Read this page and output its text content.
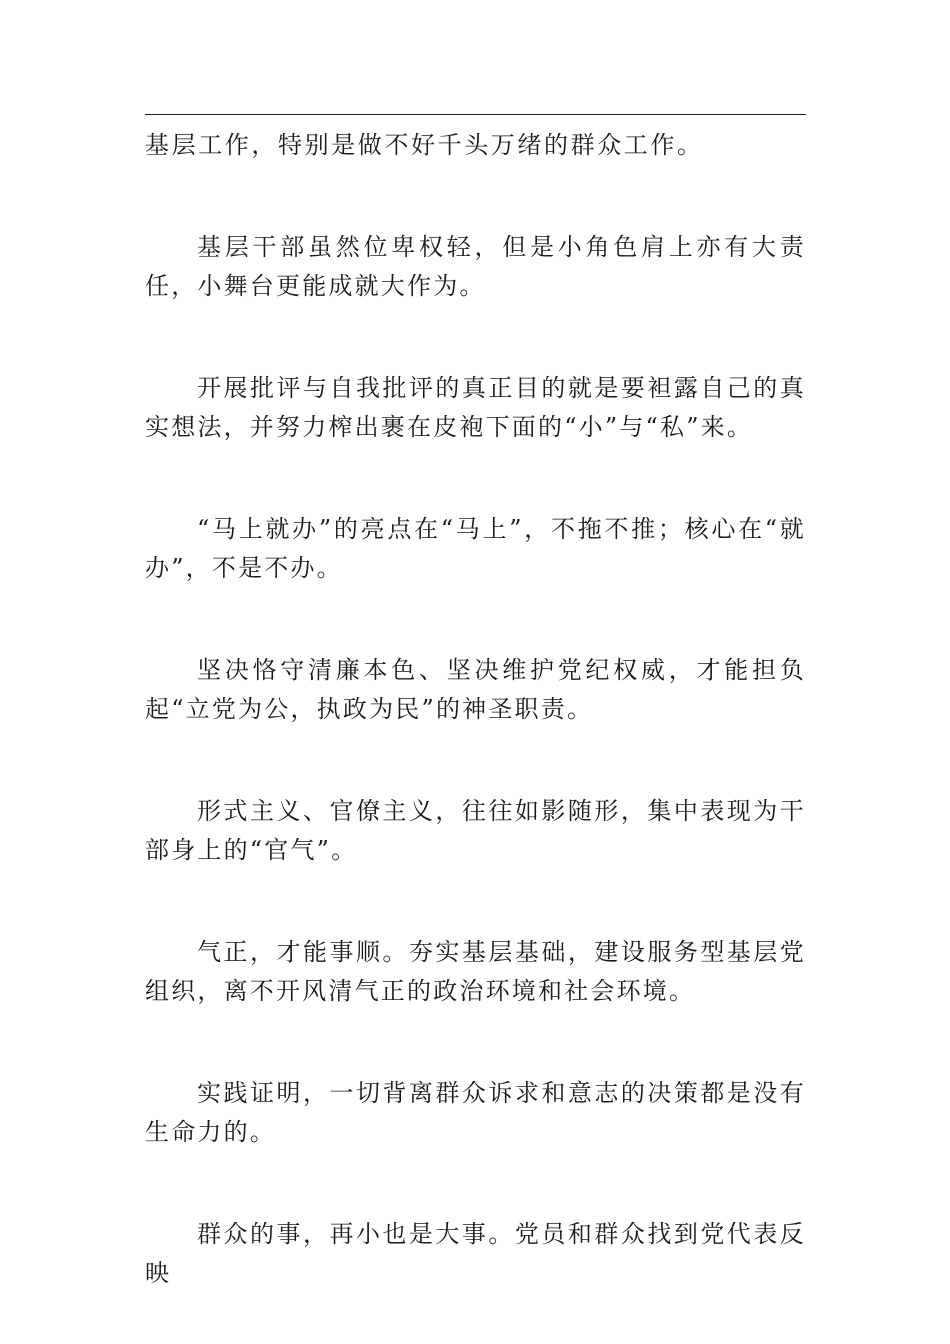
基层工作，特别是做不好千头万绪的群众工作。

基层干部虽然位卑权轻，但是小角色肩上亦有大责任，小舞台更能成就大作为。

开展批评与自我批评的真正目的就是要袒露自己的真实想法，并努力榨出裹在皮袍下面的“小”与“私”来。

“马上就办”的亮点在“马上”，不拖不推；核心在“就办”，不是不办。

坚决恪守清廉本色、坚决维护党纪权威，才能担负起“立党为公，执政为民”的神圣职责。

形式主义、官僚主义，往往如影随形，集中表现为干部身上的“官气”。

气正，才能事顺。夯实基层基础，建设服务型基层党组织，离不开风清气正的政治环境和社会环境。

实践证明，一切背离群众诉求和意志的决策都是没有生命力的。

群众的事，再小也是大事。党员和群众找到党代表反映
